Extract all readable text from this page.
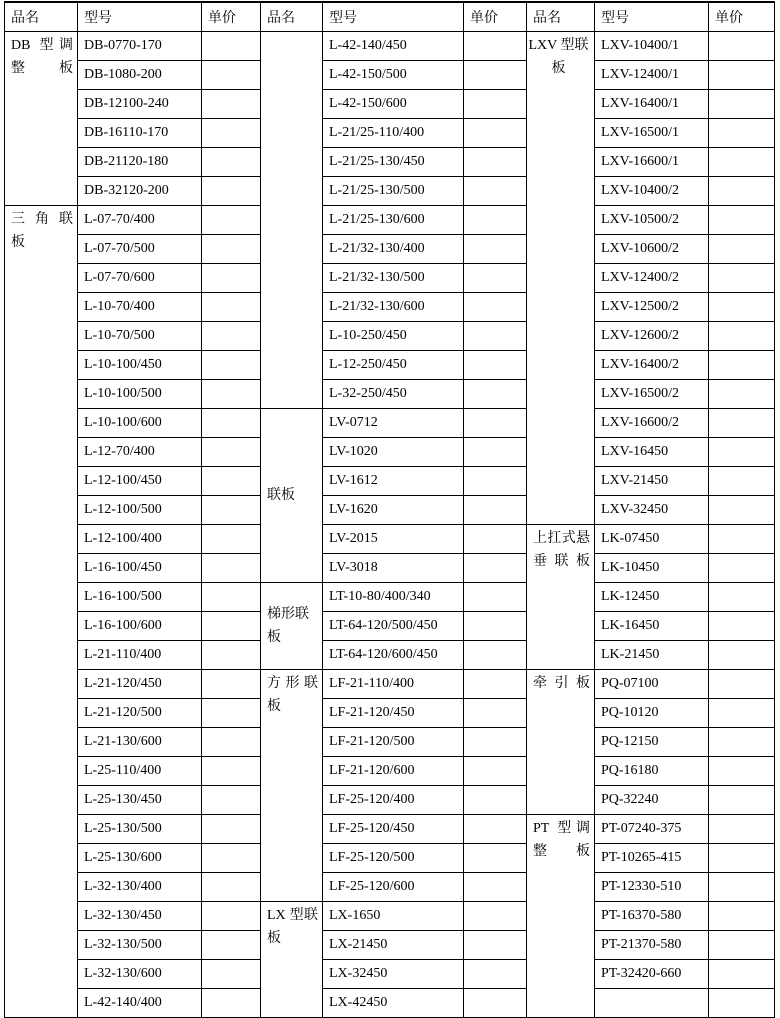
品名	型号	单价	品名	型号	单价	品名	型号	单价
DB 型调整板	DB-0770-170			L-42-140/450		LXV 型联板	LXV-10400/1	
	DB-1080-200			L-42-150/500			LXV-12400/1	
	DB-12100-240			L-42-150/600			LXV-16400/1	
	DB-16110-170			L-21/25-110/400			LXV-16500/1	
	DB-21120-180			L-21/25-130/450			LXV-16600/1	
	DB-32120-200			L-21/25-130/500			LXV-10400/2	
三 角 联 板	L-07-70/400			L-21/25-130/600			LXV-10500/2	
	L-07-70/500			L-21/32-130/400			LXV-10600/2	
	L-07-70/600			L-21/32-130/500			LXV-12400/2	
	L-10-70/400			L-21/32-130/600			LXV-12500/2	
	L-10-70/500			L-10-250/450			LXV-12600/2	
	L-10-100/450			L-12-250/450			LXV-16400/2	
	L-10-100/500			L-32-250/450			LXV-16500/2	
	L-10-100/600		联板	LV-0712			LXV-16600/2	
	L-12-70/400			LV-1020			LXV-16450	
	L-12-100/450			LV-1612			LXV-21450	
	L-12-100/500			LV-1620			LXV-32450	
	L-12-100/400			LV-2015		上扛式悬垂联板	LK-07450	
	L-16-100/450			LV-3018			LK-10450	
	L-16-100/500		梯形联板	LT-10-80/400/340			LK-12450	
	L-16-100/600			LT-64-120/500/450			LK-16450	
	L-21-110/400			LT-64-120/600/450			LK-21450	
	L-21-120/450		方形联板	LF-21-110/400		牵引板	PQ-07100	
	L-21-120/500			LF-21-120/450			PQ-10120	
	L-21-130/600			LF-21-120/500			PQ-12150	
	L-25-110/400			LF-21-120/600			PQ-16180	
	L-25-130/450			LF-25-120/400			PQ-32240	
	L-25-130/500			LF-25-120/450		PT 型调整板	PT-07240-375	
	L-25-130/600			LF-25-120/500			PT-10265-415	
	L-32-130/400			LF-25-120/600			PT-12330-510	
	L-32-130/450		LX 型联板	LX-1650			PT-16370-580	
	L-32-130/500			LX-21450			PT-21370-580	
	L-32-130/600			LX-32450			PT-32420-660	
	L-42-140/400			LX-42450				
